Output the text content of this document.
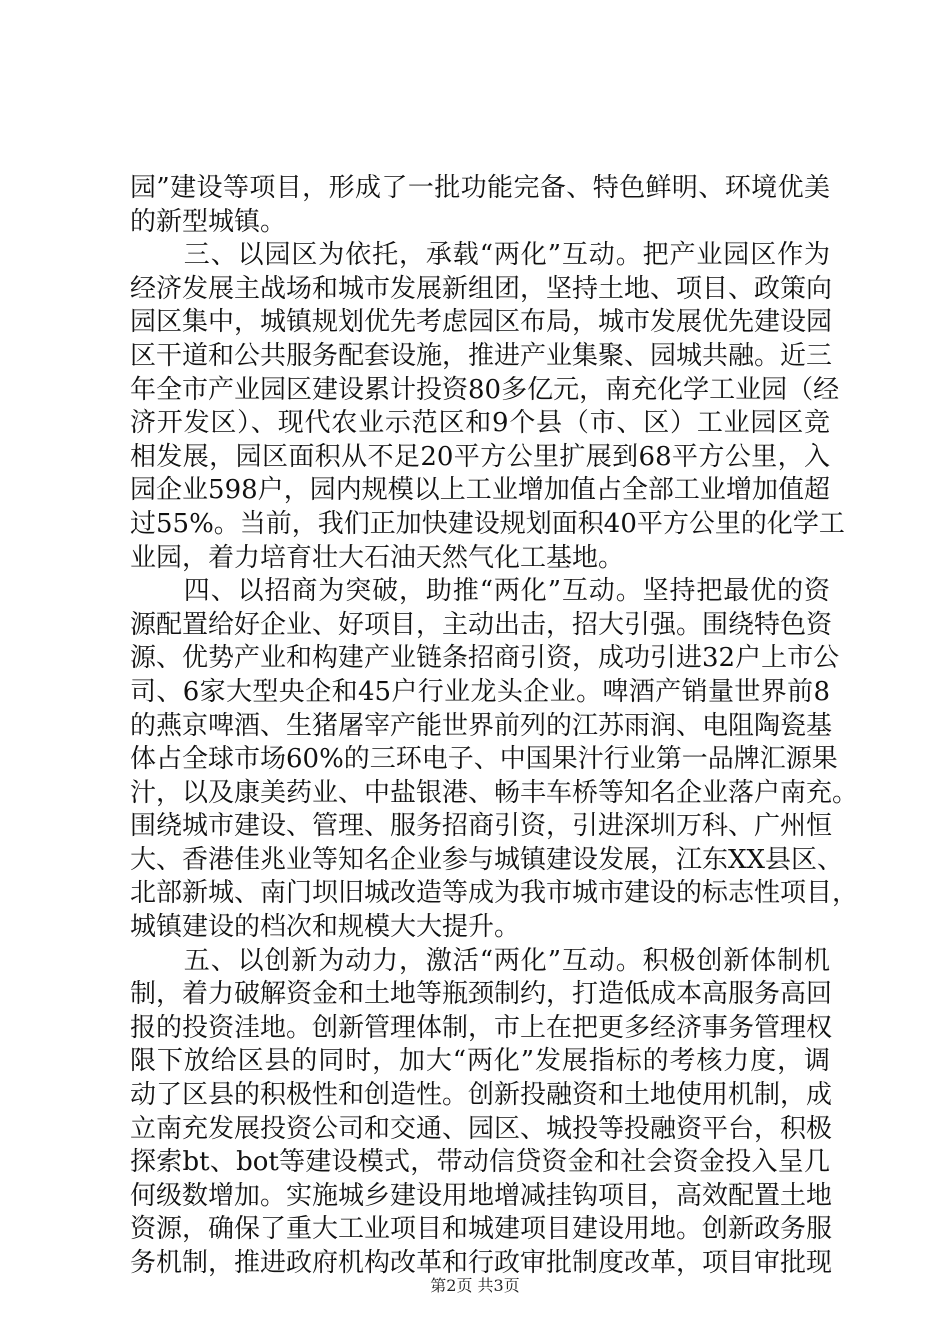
园”建设等项目，形成了一批功能完备、特色鲜明、环境优美
的新型城镇。
　　三、以园区为依托，承载“两化”互动。把产业园区作为
经济发展主战场和城市发展新组团，坚持土地、项目、政策向
园区集中，城镇规划优先考虑园区布局，城市发展优先建设园
区干道和公共服务配套设施，推进产业集聚、园城共融。近三
年全市产业园区建设累计投资80多亿元，南充化学工业园（经
济开发区）、现代农业示范区和9个县（市、区）工业园区竞
相发展，园区面积从不足20平方公里扩展到68平方公里，入
园企业598户，园内规模以上工业增加值占全部工业增加值超
过55%。当前，我们正加快建设规划面积40平方公里的化学工
业园，着力培育壮大石油天然气化工基地。
　　四、以招商为突破，助推“两化”互动。坚持把最优的资
源配置给好企业、好项目，主动出击，招大引强。围绕特色资
源、优势产业和构建产业链条招商引资，成功引进32户上市公
司、6家大型央企和45户行业龙头企业。啤酒产销量世界前8
的燕京啤酒、生猪屠宰产能世界前列的江苏雨润、电阻陶瓷基
体占全球市场60%的三环电子、中国果汁行业第一品牌汇源果
汁，以及康美药业、中盐银港、畅丰车桥等知名企业落户南充。
围绕城市建设、管理、服务招商引资，引进深圳万科、广州恒
大、香港佳兆业等知名企业参与城镇建设发展，江东XX县区、
北部新城、南门坝旧城改造等成为我市城市建设的标志性项目，
城镇建设的档次和规模大大提升。
　　五、以创新为动力，激活“两化”互动。积极创新体制机
制，着力破解资金和土地等瓶颈制约，打造低成本高服务高回
报的投资洼地。创新管理体制，市上在把更多经济事务管理权
限下放给区县的同时，加大“两化”发展指标的考核力度，调
动了区县的积极性和创造性。创新投融资和土地使用机制，成
立南充发展投资公司和交通、园区、城投等投融资平台，积极
探索bt、bot等建设模式，带动信贷资金和社会资金投入呈几
何级数增加。实施城乡建设用地增减挂钩项目，高效配置土地
资源，确保了重大工业项目和城建项目建设用地。创新政务服
务机制，推进政府机构改革和行政审批制度改革，项目审批现
第2页 共3页
